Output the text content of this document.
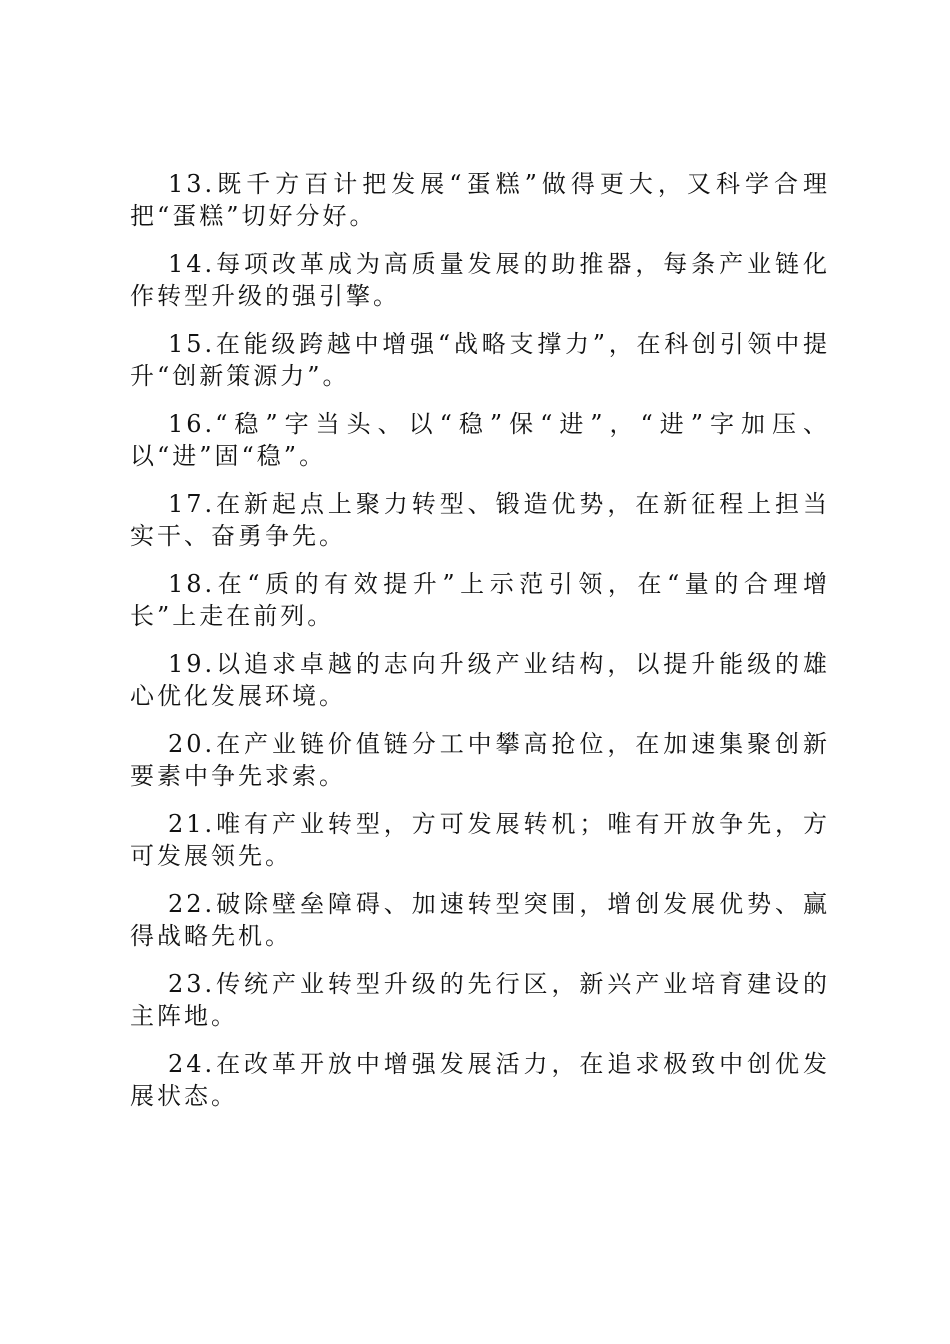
13.既千方百计把发展“蛋糕”做得更大，又科学合理把“蛋糕”切好分好。

14.每项改革成为高质量发展的助推器，每条产业链化作转型升级的强引擎。

15.在能级跨越中增强“战略支撑力”，在科创引领中提升“创新策源力”。

16.“稳”字当头、以“稳”保“进”，“进”字加压、以“进”固“稳”。

17.在新起点上聚力转型、锻造优势，在新征程上担当实干、奋勇争先。

18.在“质的有效提升”上示范引领，在“量的合理增长”上走在前列。

19.以追求卓越的志向升级产业结构，以提升能级的雄心优化发展环境。

20.在产业链价值链分工中攀高抢位，在加速集聚创新要素中争先求索。

21.唯有产业转型，方可发展转机；唯有开放争先，方可发展领先。

22.破除壁垒障碍、加速转型突围，增创发展优势、赢得战略先机。

23.传统产业转型升级的先行区，新兴产业培育建设的主阵地。

24.在改革开放中增强发展活力，在追求极致中创优发展状态。
